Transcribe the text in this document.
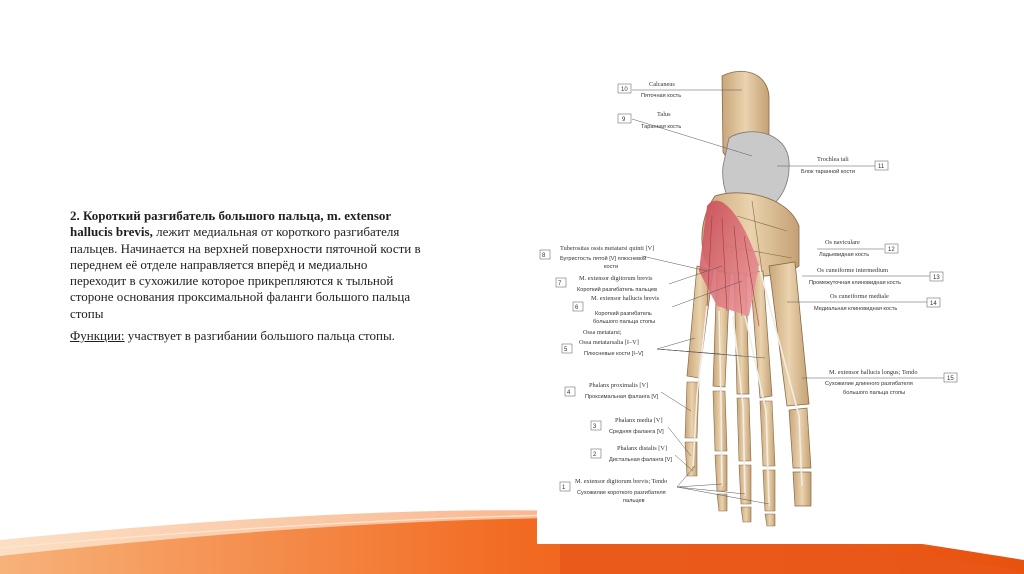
2. Короткий разгибатель большого пальца, m. extensor hallucis brevis, лежит медиальная от короткого разгибателя пальцев. Начинается на верхней поверхности пяточной кости в переднем её отделе направляется вперёд и медиально переходит в сухожилие которое прикрепляются к тыльной стороне основания проксимальной фаланги большого пальца стопы

Функции: участвует в разгибании большого пальца стопы.

10
Calcaneus
Пяточная кость
9
Talus
Таранная кость
11
Trochlea tali
Блок таранной кости
8
Tuberositas ossis metatarsi quinti [V]
Бугристость пятой [V] плюсневой
кости
12
Os naviculare
Ладьевидная кость
7
M. extensor digitorum brevis
Короткий разгибатель пальцев
13
Os cuneiforme intermedium
Промежуточная клиновидная кость
6
M. extensor hallucis brevis
Короткий разгибатель
большого пальца стопы
14
Os cuneiforme mediale
Медиальная клиновидная кость
5
Ossa metatarsi;
Ossa metatarsalia [I–V]
Плюсневые кости [I–V]
15
M. extensor hallucis longus; Tendo
Сухожилие длинного разгибателя
большого пальца стопы
4
Phalanx proximalis [V]
Проксимальная фаланга [V]
3
Phalanx media [V]
Средняя фаланга [V]
2
Phalanx distalis [V]
Дистальная фаланга [V]
1
M. extensor digitorum brevis; Tendo
Сухожилие короткого разгибателя
пальцев
